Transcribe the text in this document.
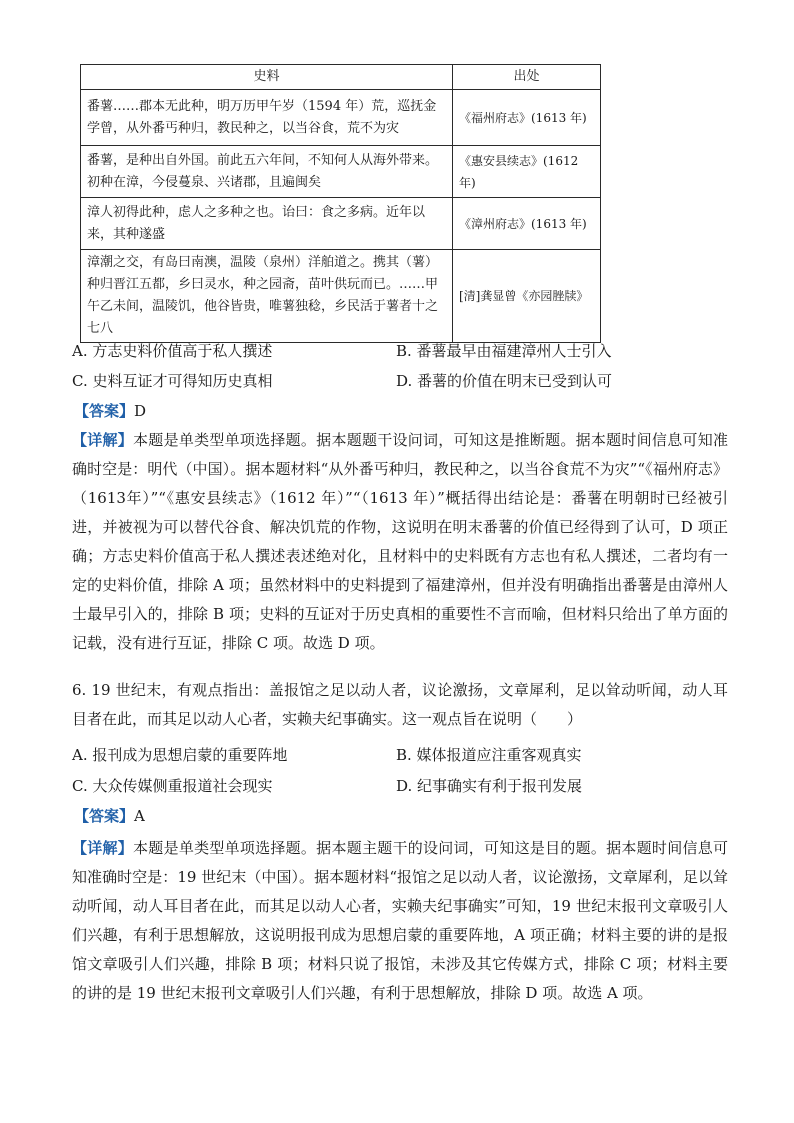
史料	出处
番薯……郡本无此种，明万历甲午岁（1594 年）荒，巡抚金学曾，从外番丐种归，教民种之，以当谷食，荒不为灾	《福州府志》(1613 年)
番薯，是种出自外国。前此五六年间，不知何人从海外带来。初种在漳，今侵蔓泉、兴诸郡，且遍闽矣	《惠安县续志》(1612 年)
漳人初得此种，虑人之多种之也。诒曰：食之多病。近年以来，其种遂盛	《漳州府志》(1613 年)
漳潮之交，有岛曰南澳，温陵（泉州）洋舶道之。携其（薯）种归晋江五都，乡曰灵水，种之园斋，苗叶供玩而已。……甲午乙未间，温陵饥，他谷皆贵，唯薯独稔，乡民活于薯者十之七八	[清]龚显曾《亦园脞牍》
A. 方志史料价值高于私人撰述	B. 番薯最早由福建漳州人士引入
C. 史料互证才可得知历史真相	D. 番薯的价值在明末已受到认可
【答案】D

【详解】本题是单类型单项选择题。据本题题干设问词，可知这是推断题。据本题时间信息可知准确时空是：明代（中国）。据本题材料“从外番丐种归，教民种之，以当谷食荒不为灾”“《福州府志》（1613年）”“《惠安县续志》（1612 年）”“（1613 年）”概括得出结论是：番薯在明朝时已经被引进，并被视为可以替代谷食、解决饥荒的作物，这说明在明末番薯的价值已经得到了认可，D 项正确；方志史料价值高于私人撰述表述绝对化，且材料中的史料既有方志也有私人撰述，二者均有一定的史料价值，排除 A 项；虽然材料中的史料提到了福建漳州，但并没有明确指出番薯是由漳州人士最早引入的，排除 B 项；史料的互证对于历史真相的重要性不言而喻，但材料只给出了单方面的记载，没有进行互证，排除 C 项。故选 D 项。

6. 19 世纪末，有观点指出：盖报馆之足以动人者，议论激扬，文章犀利，足以耸动听闻，动人耳目者在此，而其足以动人心者，实赖夫纪事确实。这一观点旨在说明（　　）

A. 报刊成为思想启蒙的重要阵地	B. 媒体报道应注重客观真实
C. 大众传媒侧重报道社会现实	D. 纪事确实有利于报刊发展
【答案】A

【详解】本题是单类型单项选择题。据本题主题干的设问词，可知这是目的题。据本题时间信息可知准确时空是：19 世纪末（中国）。据本题材料“报馆之足以动人者，议论激扬，文章犀利，足以耸动听闻，动人耳目者在此，而其足以动人心者，实赖夫纪事确实”可知，19 世纪末报刊文章吸引人们兴趣，有利于思想解放，这说明报刊成为思想启蒙的重要阵地，A 项正确；材料主要的讲的是报馆文章吸引人们兴趣，排除 B 项；材料只说了报馆，未涉及其它传媒方式，排除 C 项；材料主要的讲的是 19 世纪末报刊文章吸引人们兴趣，有利于思想解放，排除 D 项。故选 A 项。
